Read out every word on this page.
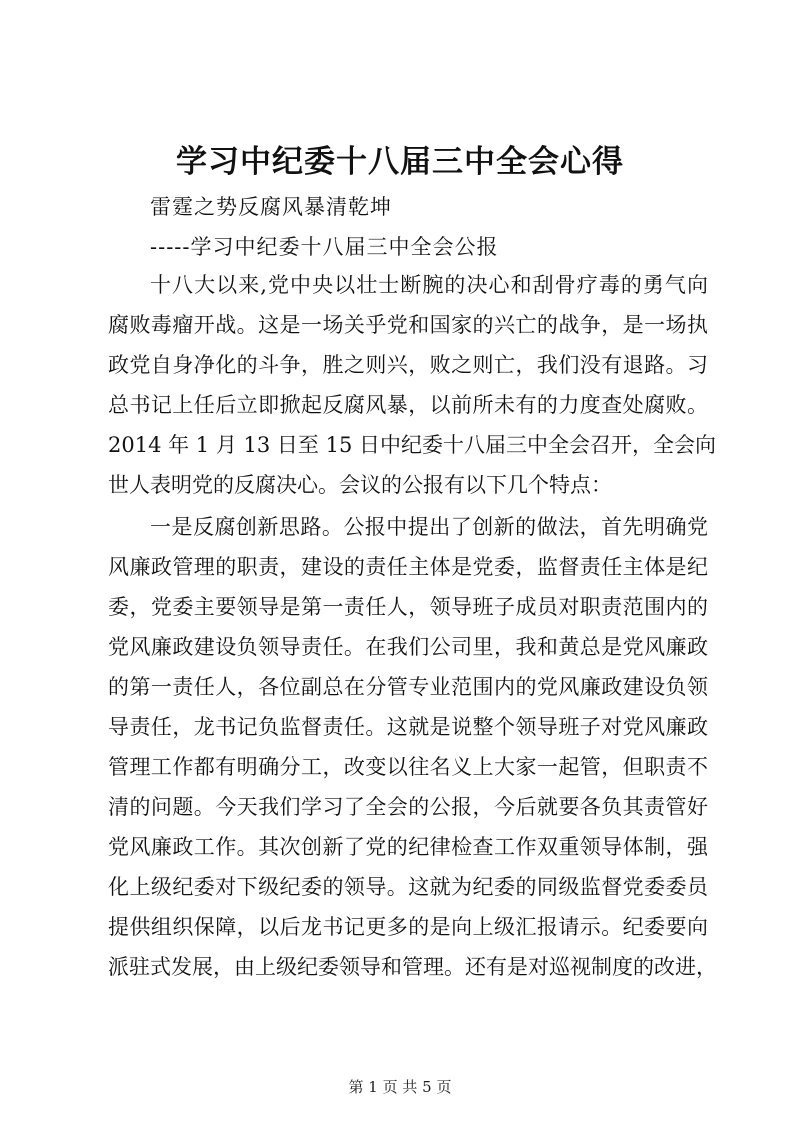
学习中纪委十八届三中全会心得
雷霆之势反腐风暴清乾坤
-----学习中纪委十八届三中全会公报
十八大以来,党中央以壮士断腕的决心和刮骨疗毒的勇气向
腐败毒瘤开战。这是一场关乎党和国家的兴亡的战争，是一场执
政党自身净化的斗争，胜之则兴，败之则亡，我们没有退路。习
总书记上任后立即掀起反腐风暴，以前所未有的力度查处腐败。
2014 年 1 月 13 日至 15 日中纪委十八届三中全会召开，全会向
世人表明党的反腐决心。会议的公报有以下几个特点：
一是反腐创新思路。公报中提出了创新的做法，首先明确党
风廉政管理的职责，建设的责任主体是党委，监督责任主体是纪
委，党委主要领导是第一责任人，领导班子成员对职责范围内的
党风廉政建设负领导责任。在我们公司里，我和黄总是党风廉政
的第一责任人，各位副总在分管专业范围内的党风廉政建设负领
导责任，龙书记负监督责任。这就是说整个领导班子对党风廉政
管理工作都有明确分工，改变以往名义上大家一起管，但职责不
清的问题。今天我们学习了全会的公报，今后就要各负其责管好
党风廉政工作。其次创新了党的纪律检查工作双重领导体制，强
化上级纪委对下级纪委的领导。这就为纪委的同级监督党委委员
提供组织保障，以后龙书记更多的是向上级汇报请示。纪委要向
派驻式发展，由上级纪委领导和管理。还有是对巡视制度的改进，
第 1 页 共 5 页
